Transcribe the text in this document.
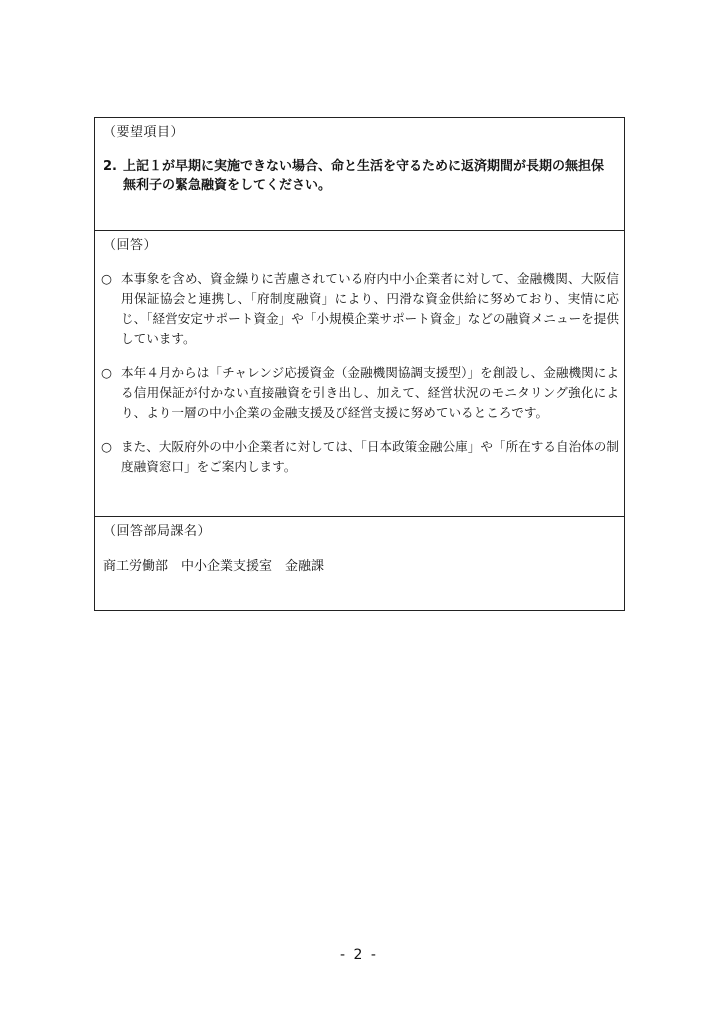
（要望項目）
2. 上記１が早期に実施できない場合、命と生活を守るために返済期間が長期の無担保
無利子の緊急融資をしてください。
（回答）
○ 本事象を含め、資金繰りに苦慮されている府内中小企業者に対して、金融機関、大阪信用保証協会と連携し、「府制度融資」により、円滑な資金供給に努めており、実情に応じ、「経営安定サポート資金」や「小規模企業サポート資金」などの融資メニューを提供しています。
○ 本年４月からは「チャレンジ応援資金（金融機関協調支援型）」を創設し、金融機関による信用保証が付かない直接融資を引き出し、加えて、経営状況のモニタリング強化により、より一層の中小企業の金融支援及び経営支援に努めているところです。
○ また、大阪府外の中小企業者に対しては、「日本政策金融公庫」や「所在する自治体の制度融資窓口」をご案内します。
（回答部局課名）
商工労働部　中小企業支援室　金融課
- 2 -
